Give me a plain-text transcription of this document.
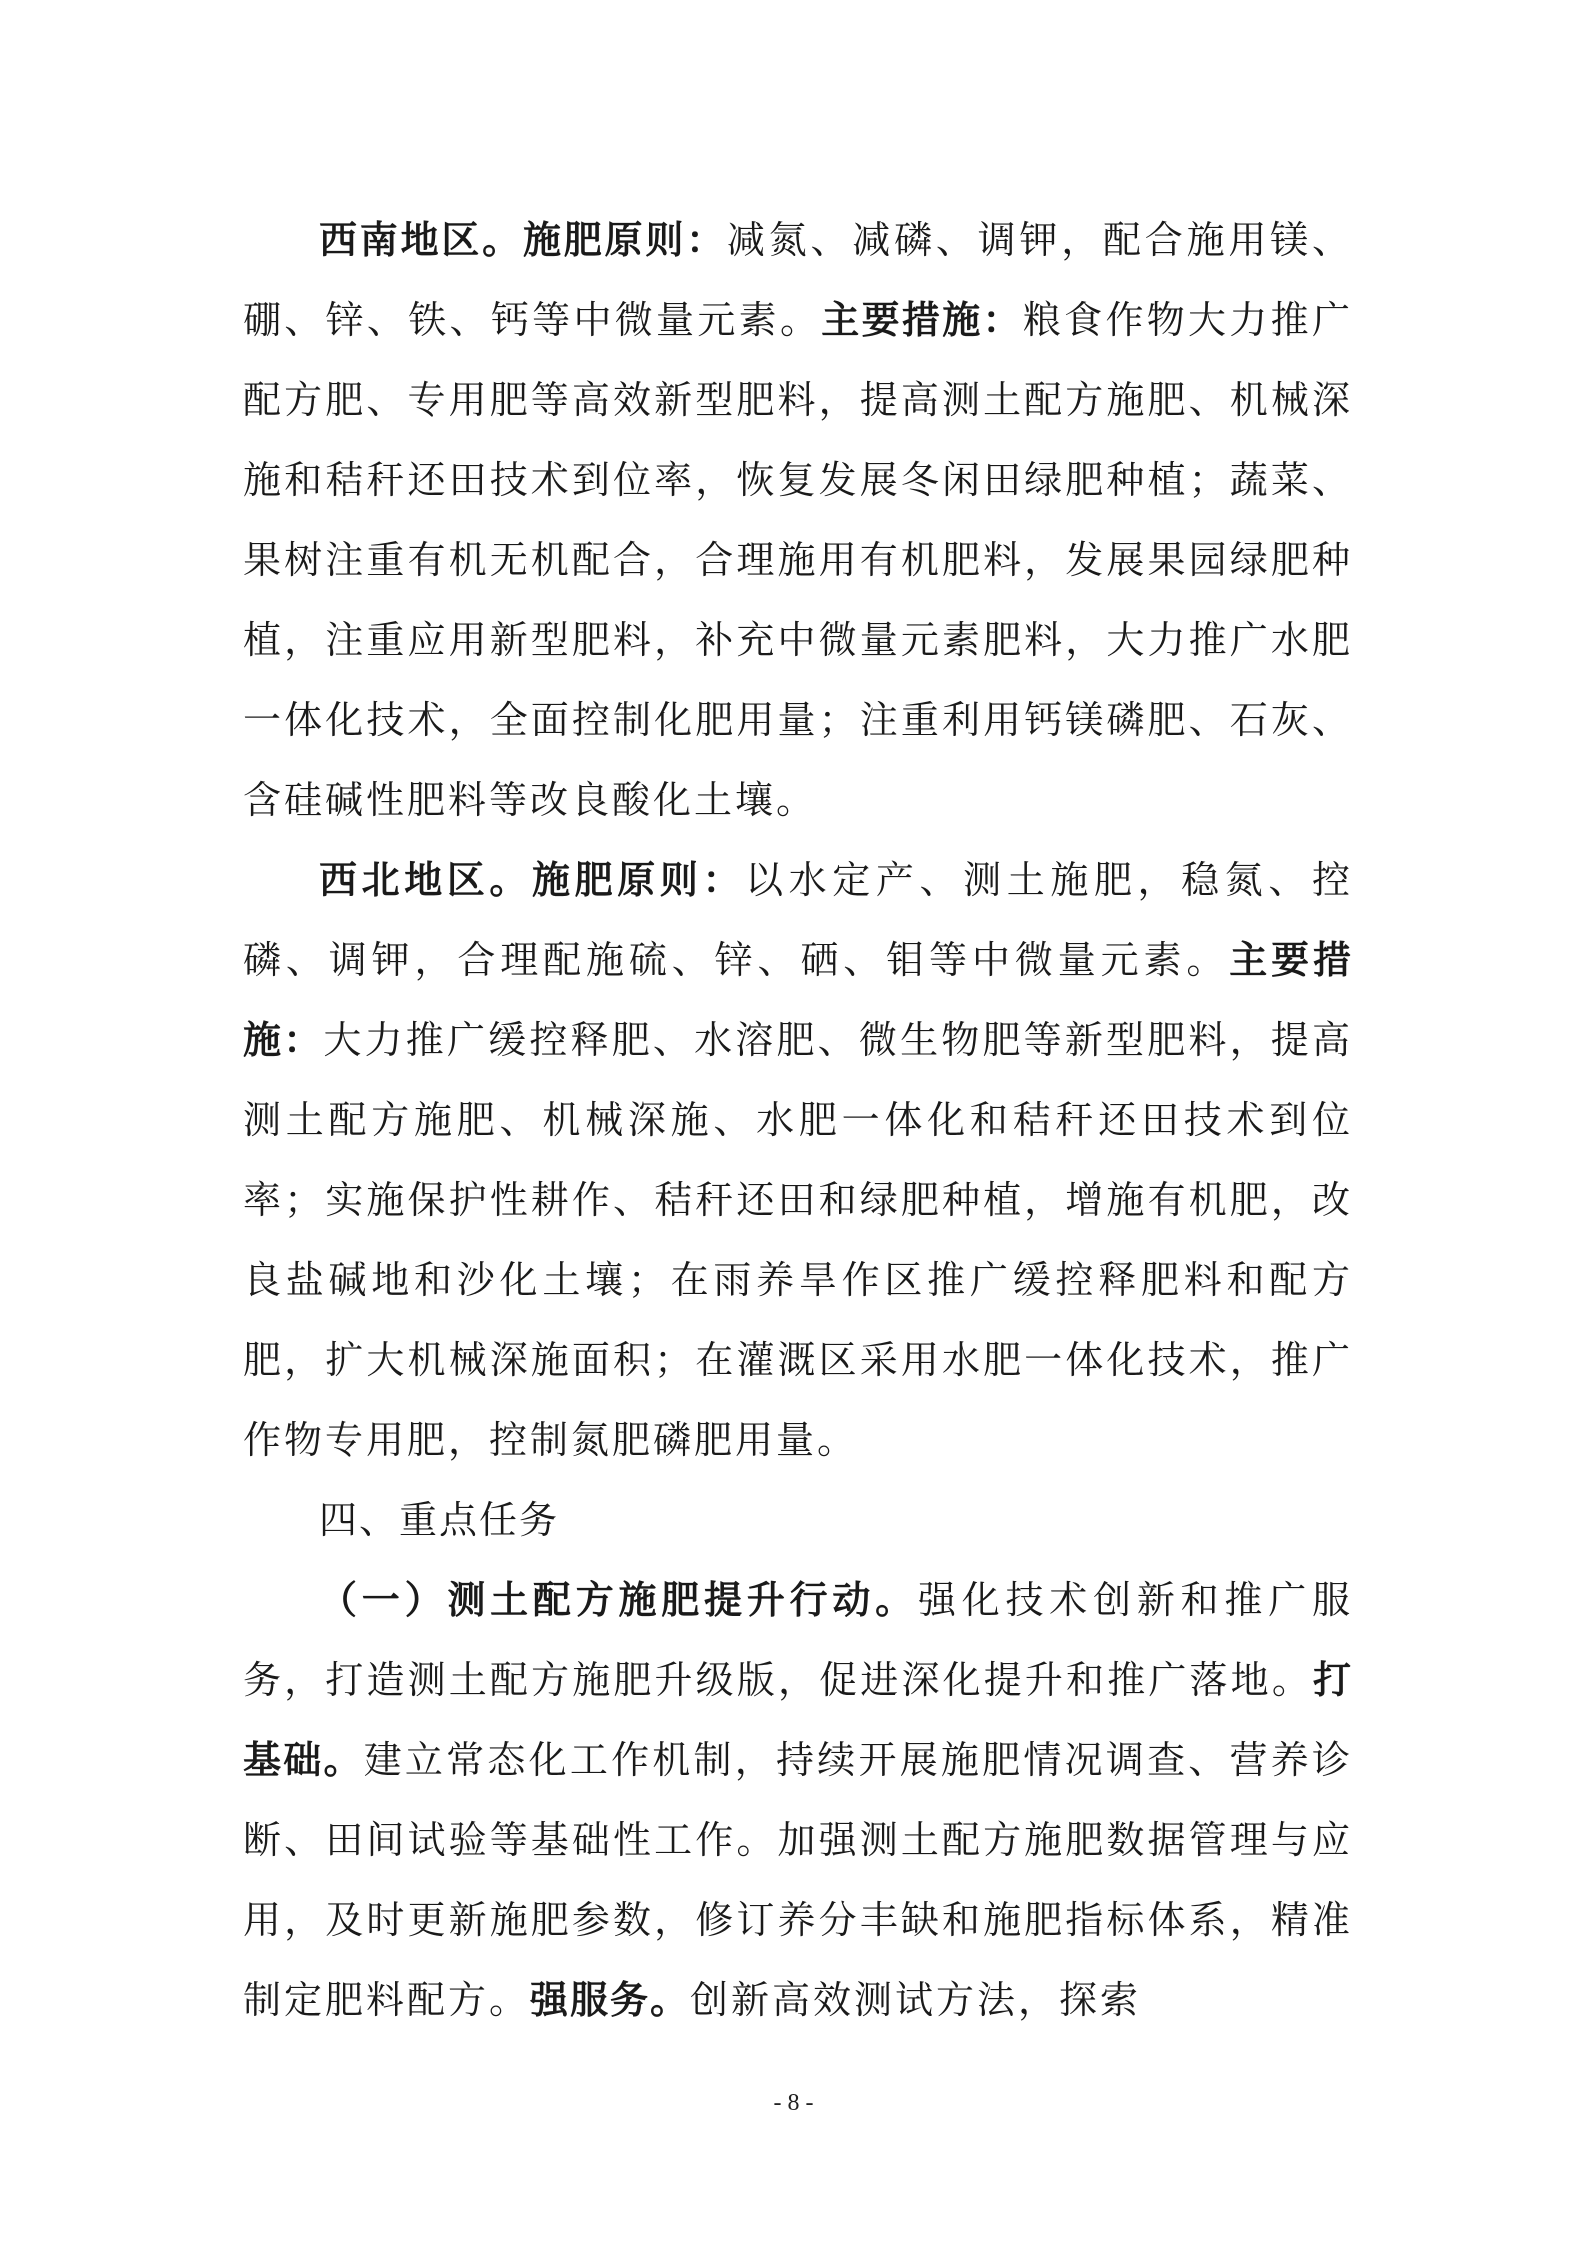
西南地区。施肥原则：减氮、减磷、调钾，配合施用镁、硼、锌、铁、钙等中微量元素。主要措施：粮食作物大力推广配方肥、专用肥等高效新型肥料，提高测土配方施肥、机械深施和秸秆还田技术到位率，恢复发展冬闲田绿肥种植；蔬菜、果树注重有机无机配合，合理施用有机肥料，发展果园绿肥种植，注重应用新型肥料，补充中微量元素肥料，大力推广水肥一体化技术，全面控制化肥用量；注重利用钙镁磷肥、石灰、含硅碱性肥料等改良酸化土壤。

西北地区。施肥原则：以水定产、测土施肥，稳氮、控磷、调钾，合理配施硫、锌、硒、钼等中微量元素。主要措施：大力推广缓控释肥、水溶肥、微生物肥等新型肥料，提高测土配方施肥、机械深施、水肥一体化和秸秆还田技术到位率；实施保护性耕作、秸秆还田和绿肥种植，增施有机肥，改良盐碱地和沙化土壤；在雨养旱作区推广缓控释肥料和配方肥，扩大机械深施面积；在灌溉区采用水肥一体化技术，推广作物专用肥，控制氮肥磷肥用量。

四、重点任务

（一）测土配方施肥提升行动。强化技术创新和推广服务，打造测土配方施肥升级版，促进深化提升和推广落地。打基础。建立常态化工作机制，持续开展施肥情况调查、营养诊断、田间试验等基础性工作。加强测土配方施肥数据管理与应用，及时更新施肥参数，修订养分丰缺和施肥指标体系，精准制定肥料配方。强服务。创新高效测试方法，探索

- 8 -
